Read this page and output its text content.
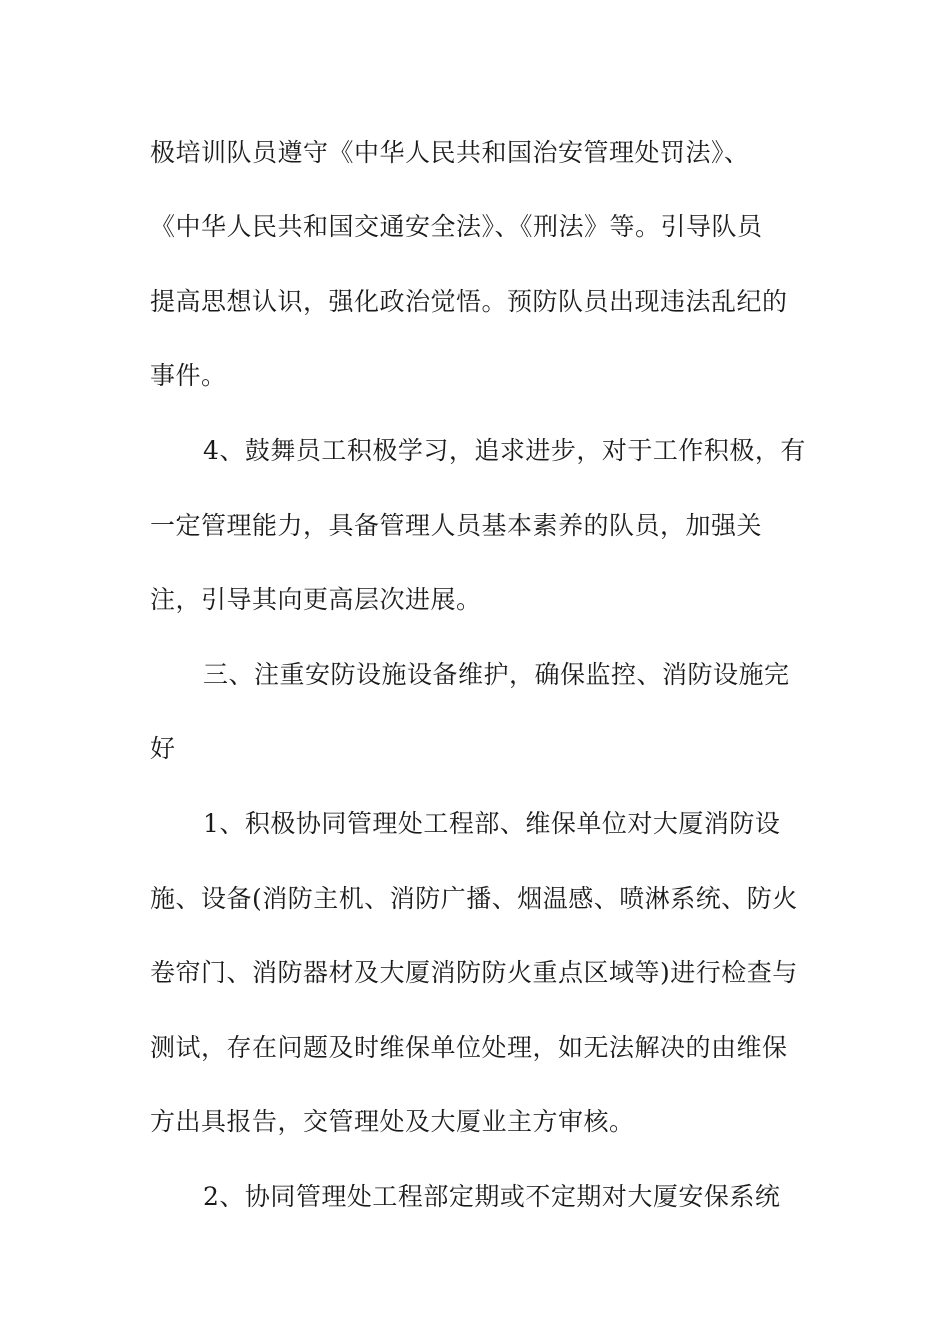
极培训队员遵守《中华人民共和国治安管理处罚法》、
《中华人民共和国交通安全法》、《刑法》等。引导队员
提高思想认识，强化政治觉悟。预防队员出现违法乱纪的
事件。
4、鼓舞员工积极学习，追求进步，对于工作积极，有
一定管理能力，具备管理人员基本素养的队员，加强关
注，引导其向更高层次进展。
三、注重安防设施设备维护，确保监控、消防设施完
好
1、积极协同管理处工程部、维保单位对大厦消防设
施、设备(消防主机、消防广播、烟温感、喷淋系统、防火
卷帘门、消防器材及大厦消防防火重点区域等)进行检查与
测试，存在问题及时维保单位处理，如无法解决的由维保
方出具报告，交管理处及大厦业主方审核。
2、协同管理处工程部定期或不定期对大厦安保系统
